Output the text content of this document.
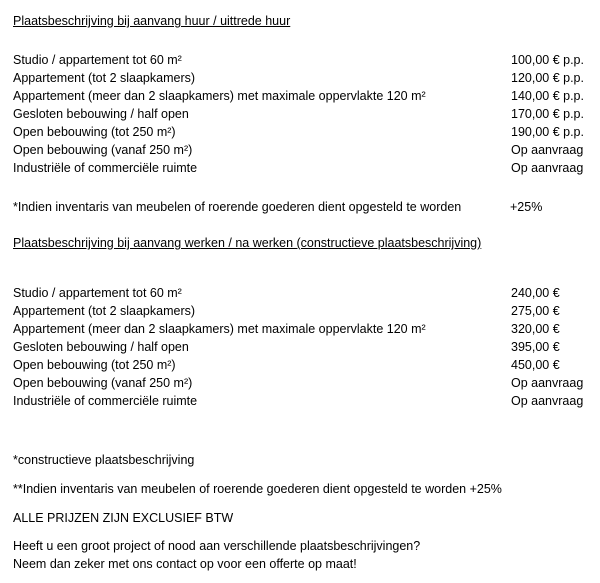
Plaatsbeschrijving bij aanvang huur / uittrede huur
Studio / appartement tot 60 m²	100,00 € p.p.
Appartement (tot 2 slaapkamers)	120,00 € p.p.
Appartement (meer dan 2 slaapkamers) met maximale oppervlakte 120 m²	140,00 € p.p.
Gesloten bebouwing / half open	170,00 € p.p.
Open bebouwing (tot 250 m²)	190,00 € p.p.
Open bebouwing (vanaf 250 m²)	Op aanvraag
Industriële of commerciële ruimte	Op aanvraag
*Indien inventaris van meubelen of roerende goederen dient opgesteld te worden	+25%
Plaatsbeschrijving bij aanvang werken / na werken (constructieve plaatsbeschrijving)
Studio / appartement tot 60 m²	240,00 €
Appartement (tot 2 slaapkamers)	275,00 €
Appartement (meer dan 2 slaapkamers) met maximale oppervlakte 120 m²	320,00 €
Gesloten bebouwing / half open	395,00 €
Open bebouwing (tot 250 m²)	450,00 €
Open bebouwing (vanaf 250 m²)	Op aanvraag
Industriële of commerciële ruimte	Op aanvraag
*constructieve plaatsbeschrijving
**Indien inventaris van meubelen of roerende goederen dient opgesteld te worden +25%
ALLE PRIJZEN ZIJN EXCLUSIEF BTW
Heeft u een groot project of nood aan verschillende plaatsbeschrijvingen?
Neem dan zeker met ons contact op voor een offerte op maat!
